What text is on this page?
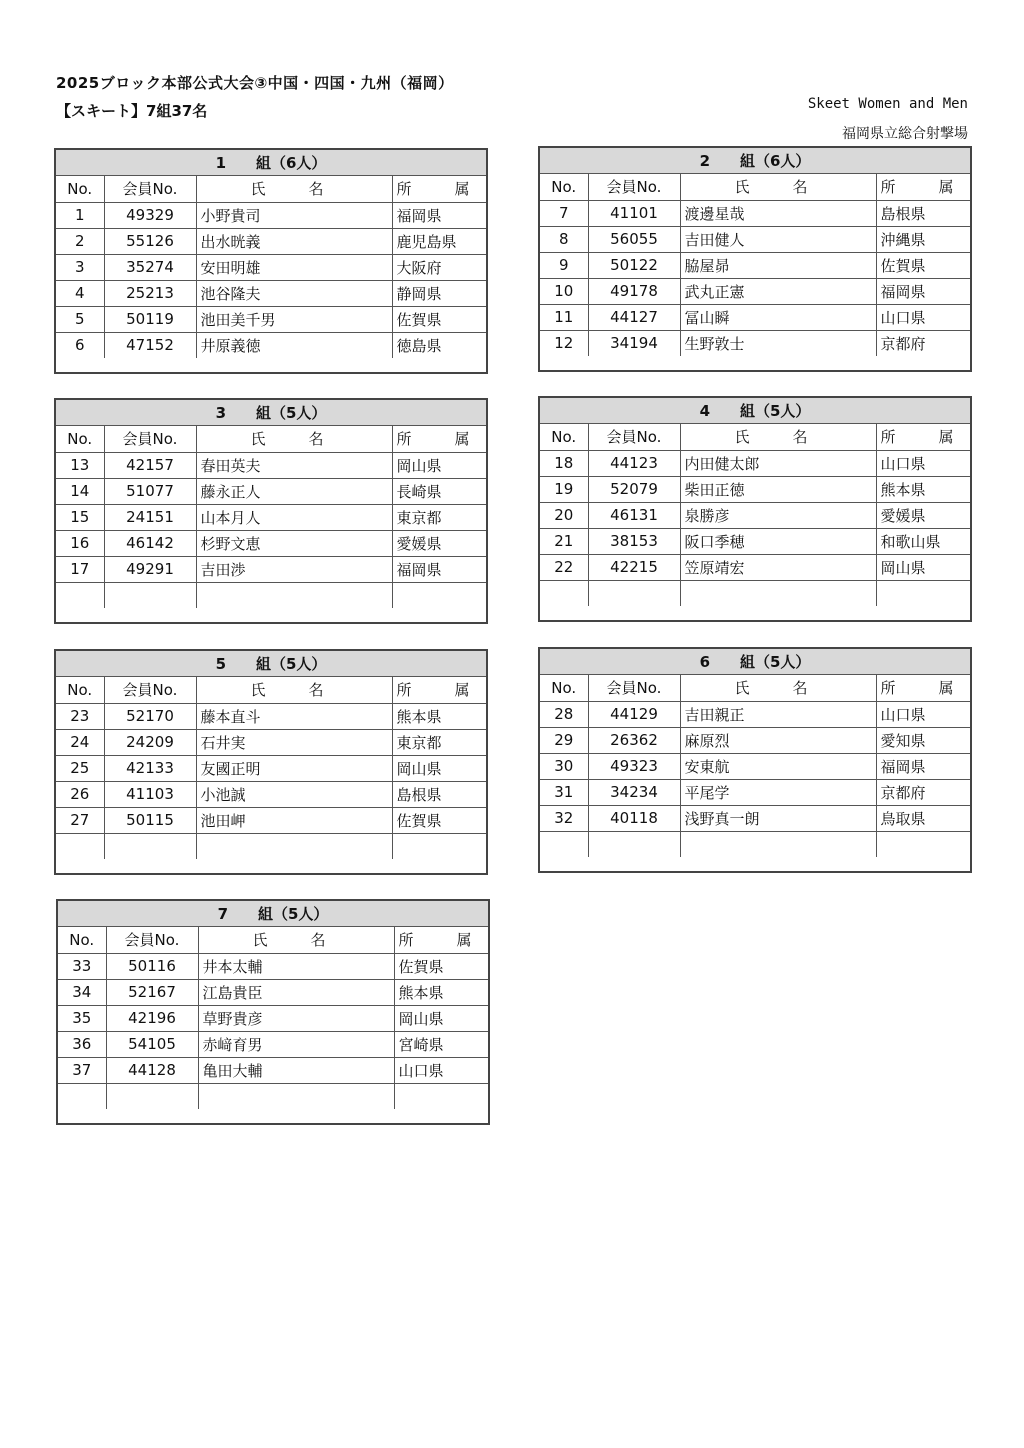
2025ブロック本部公式大会③中国・四国・九州（福岡）
【スキート】7組37名	Skeet Women and Men
福岡県立総合射撃場
1　　組（6人）
No.	会員No.	氏　名	所　属
1	49329	小野貴司	福岡県
2	55126	出水晄義	鹿児島県
3	35274	安田明雄	大阪府
4	25213	池谷隆夫	静岡県
5	50119	池田美千男	佐賀県
6	47152	井原義徳	徳島県
2　　組（6人）
No.	会員No.	氏　名	所　属
7	41101	渡邊星哉	島根県
8	56055	吉田健人	沖縄県
9	50122	脇屋昴	佐賀県
10	49178	武丸正憲	福岡県
11	44127	冨山瞬	山口県
12	34194	生野敦士	京都府
3　　組（5人）
No.	会員No.	氏　名	所　属
13	42157	春田英夫	岡山県
14	51077	藤永正人	長崎県
15	24151	山本月人	東京都
16	46142	杉野文恵	愛媛県
17	49291	吉田渉	福岡県

4　　組（5人）
No.	会員No.	氏　名	所　属
18	44123	内田健太郎	山口県
19	52079	柴田正徳	熊本県
20	46131	泉勝彦	愛媛県
21	38153	阪口季穂	和歌山県
22	42215	笠原靖宏	岡山県

5　　組（5人）
No.	会員No.	氏　名	所　属
23	52170	藤本直斗	熊本県
24	24209	石井実	東京都
25	42133	友國正明	岡山県
26	41103	小池誠	島根県
27	50115	池田岬	佐賀県

6　　組（5人）
No.	会員No.	氏　名	所　属
28	44129	吉田親正	山口県
29	26362	麻原烈	愛知県
30	49323	安東航	福岡県
31	34234	平尾学	京都府
32	40118	浅野真一朗	鳥取県

7　　組（5人）
No.	会員No.	氏　名	所　属
33	50116	井本太輔	佐賀県
34	52167	江島貴臣	熊本県
35	42196	草野貴彦	岡山県
36	54105	赤﨑育男	宮崎県
37	44128	亀田大輔	山口県
